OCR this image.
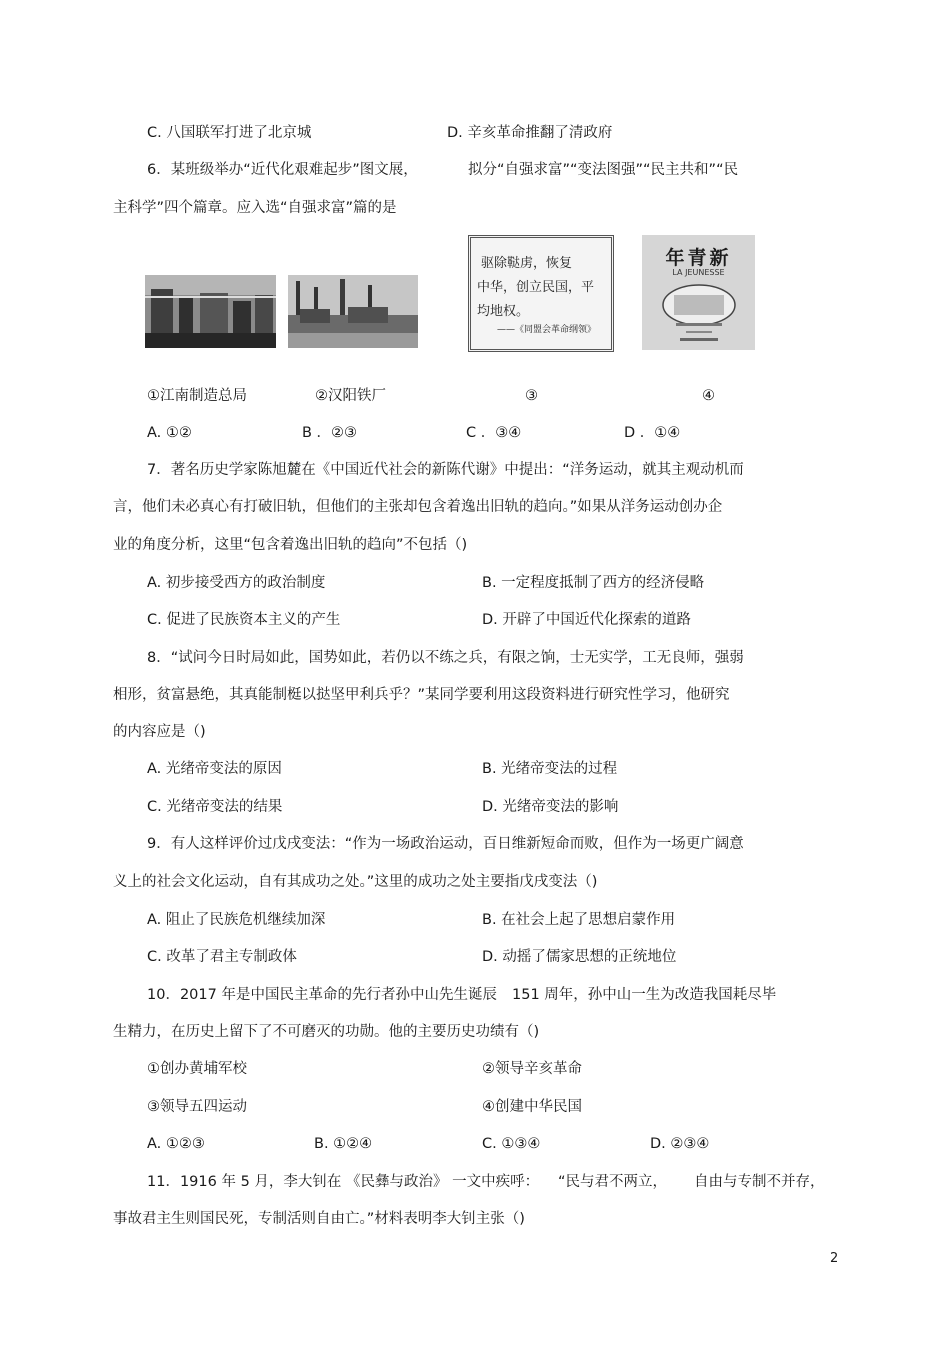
C. 八国联军打进了北京城	D. 辛亥革命推翻了清政府
6．某班级举办“近代化艰难起步”图文展，	拟分“自强求富”“变法图强”“民主共和”“民
主科学”四个篇章。应入选“自强求富”篇的是
驱除鞑虏，恢复
中华，创立民国，平
均地权。
——《同盟会革命纲领》
年青新
LA JEUNESSE
①江南制造总局	②汉阳铁厂	③	④
A. ①②	B ．②③	C ．③④	D ．①④
7．著名历史学家陈旭麓在《中国近代社会的新陈代谢》中提出：“洋务运动，就其主观动机而
言，他们未必真心有打破旧轨，但他们的主张却包含着逸出旧轨的趋向。”如果从洋务运动创办企
业的角度分析，这里“包含着逸出旧轨的趋向”不包括（)
A. 初步接受西方的政治制度	B. 一定程度抵制了西方的经济侵略
C. 促进了民族资本主义的产生	D. 开辟了中国近代化探索的道路
8．“试问今日时局如此，国势如此，若仍以不练之兵，有限之饷，士无实学，工无良师，强弱
相形，贫富悬绝，其真能制梃以挞坚甲利兵乎？”某同学要利用这段资料进行研究性学习，他研究
的内容应是（)
A. 光绪帝变法的原因	B. 光绪帝变法的过程
C. 光绪帝变法的结果	D. 光绪帝变法的影响
9．有人这样评价过戊戌变法：“作为一场政治运动，百日维新短命而败，但作为一场更广阔意
义上的社会文化运动，自有其成功之处。”这里的成功之处主要指戊戌变法（)
A. 阻止了民族危机继续加深	B. 在社会上起了思想启蒙作用
C. 改革了君主专制政体	D. 动摇了儒家思想的正统地位
10．2017 年是中国民主革命的先行者孙中山先生诞辰 151 周年，孙中山一生为改造我国耗尽毕
生精力，在历史上留下了不可磨灭的功勋。他的主要历史功绩有（)
①创办黄埔军校	②领导辛亥革命
③领导五四运动	④创建中华民国
A. ①②③	B. ①②④	C. ①③④	D. ②③④
11．1916 年 5 月，李大钊在 《民彝与政治》 一文中疾呼： “民与君不两立， 自由与专制不并存，
事故君主生则国民死，专制活则自由亡。”材料表明李大钊主张（)
2
